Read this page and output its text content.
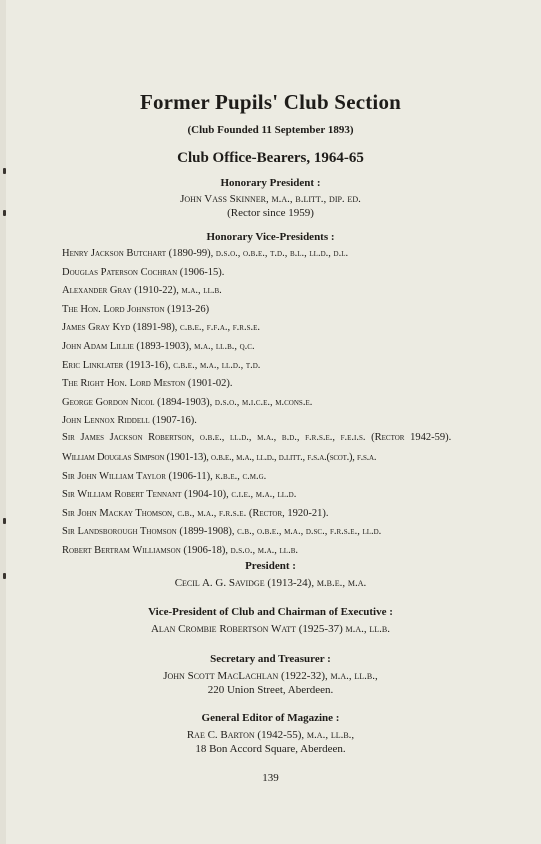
Former Pupils' Club Section
(Club Founded 11 September 1893)
Club Office-Bearers, 1964-65
Honorary President :
John Vass Skinner, m.a., b.litt., dip. ed.
(Rector since 1959)
Honorary Vice-Presidents :
Henry Jackson Butchart (1890-99), d.s.o., o.b.e., t.d., b.l., ll.d., d.l.
Douglas Paterson Cochran (1906-15).
Alexander Gray (1910-22), m.a., ll.b.
The Hon. Lord Johnston (1913-26)
James Gray Kyd (1891-98), c.b.e., f.f.a., f.r.s.e.
John Adam Lillie (1893-1903), m.a., ll.b., q.c.
Eric Linklater (1913-16), c.b.e., m.a., ll.d., t.d.
The Right Hon. Lord Meston (1901-02).
George Gordon Nicol (1894-1903), d.s.o., m.i.c.e., m.cons.e.
John Lennox Riddell (1907-16).
Sir James Jackson Robertson, o.b.e., ll.d., m.a., b.d., f.r.s.e., f.e.i.s. (Rector 1942-59).
William Douglas Simpson (1901-13), o.b.e., m.a., ll.d., d.litt., f.s.a.(scot.), f.s.a.
Sir John William Taylor (1906-11), k.b.e., c.m.g.
Sir William Robert Tennant (1904-10), c.i.e., m.a., ll.d.
Sir John Mackay Thomson, c.b., m.a., f.r.s.e. (Rector, 1920-21).
Sir Landsborough Thomson (1899-1908), c.b., o.b.e., m.a., d.sc., f.r.s.e., ll.d.
Robert Bertram Williamson (1906-18), d.s.o., m.a., ll.b.
President :
Cecil A. G. Savidge (1913-24), m.b.e., m.a.
Vice-President of Club and Chairman of Executive :
Alan Crombie Robertson Watt (1925-37) m.a., ll.b.
Secretary and Treasurer :
John Scott MacLachlan (1922-32), m.a., ll.b.,
220 Union Street, Aberdeen.
General Editor of Magazine :
Rae C. Barton (1942-55), m.a., ll.b.,
18 Bon Accord Square, Aberdeen.
139
